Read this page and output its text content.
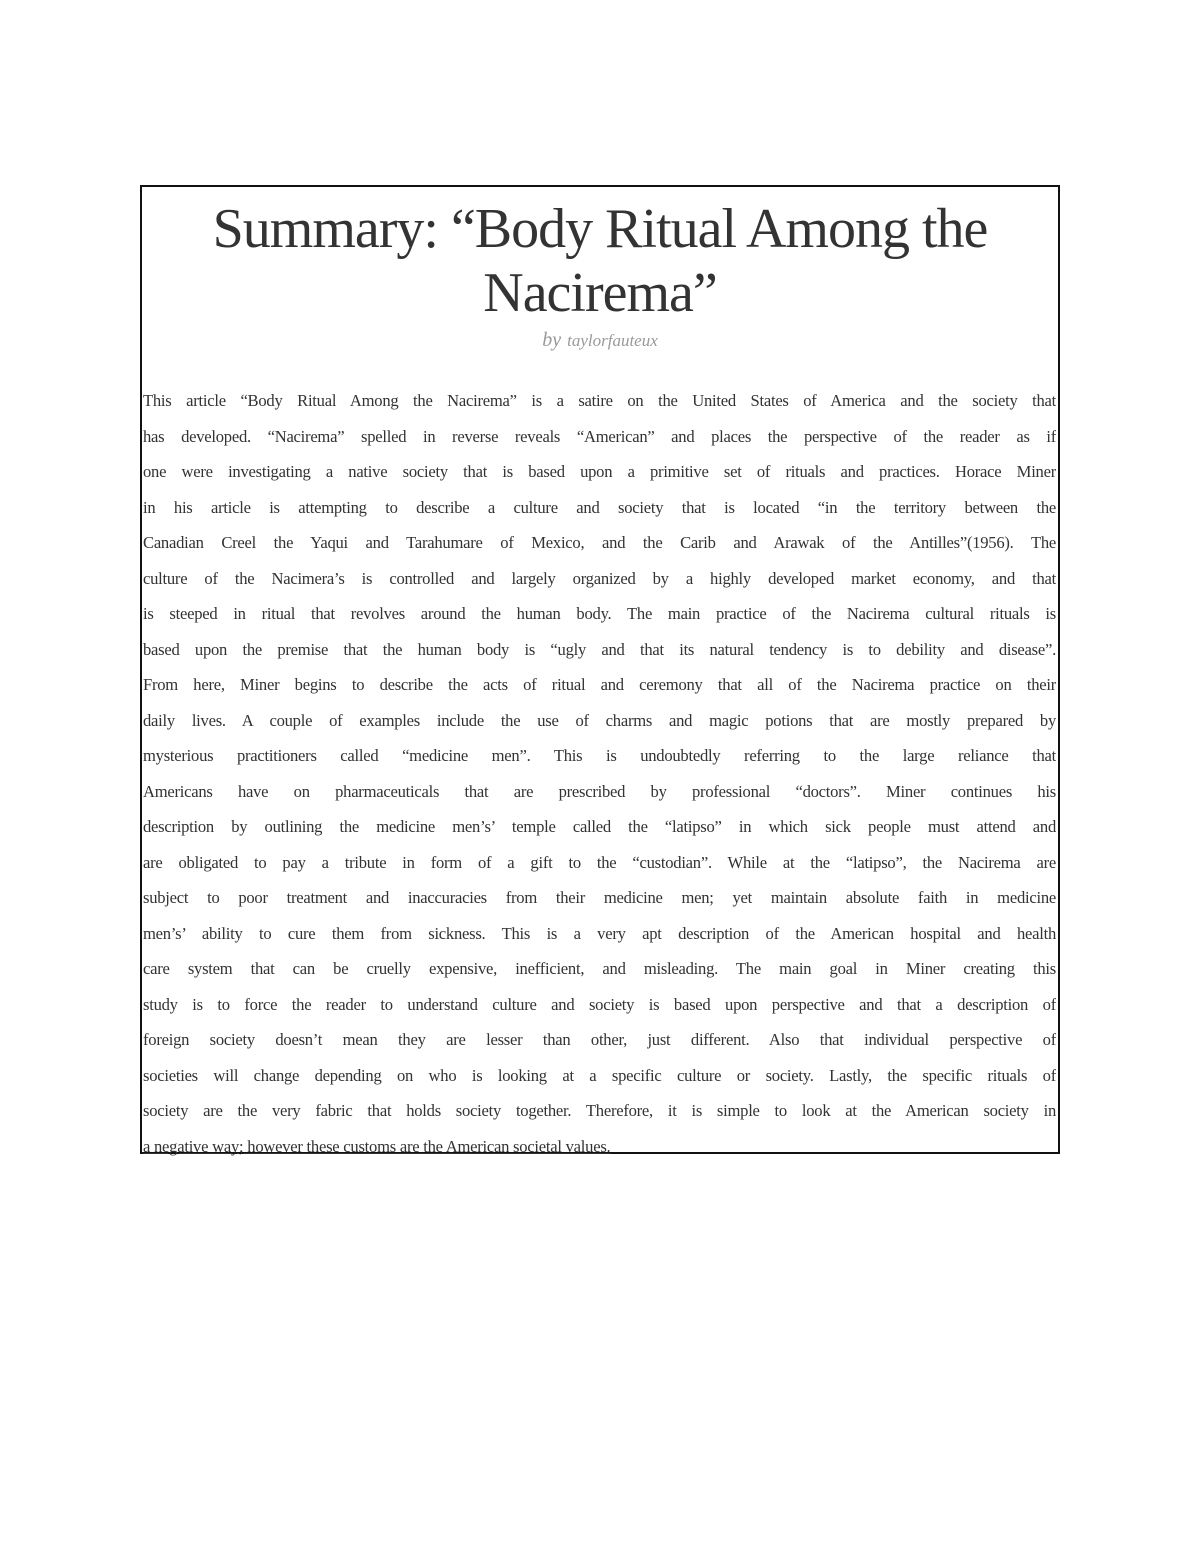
Summary: “Body Ritual Among the Nacirema”
by taylorfauteux
This article “Body Ritual Among the Nacirema” is a satire on the United States of America and the society that
has developed. “Nacirema” spelled in reverse reveals “American” and places the perspective of the reader as if
one were investigating a native society that is based upon a primitive set of rituals and practices. Horace Miner
in his article is attempting to describe a culture and society that is located “in the territory between the
Canadian Creel the Yaqui and Tarahumare of Mexico, and the Carib and Arawak of the Antilles”(1956). The
culture of the Nacimera’s is controlled and largely organized by a highly developed market economy, and that
is steeped in ritual that revolves around the human body. The main practice of the Nacirema cultural rituals is
based upon the premise that the human body is “ugly and that its natural tendency is to debility and disease”.
From here, Miner begins to describe the acts of ritual and ceremony that all of the Nacirema practice on their
daily lives. A couple of examples include the use of charms and magic potions that are mostly prepared by
mysterious practitioners called “medicine men”. This is undoubtedly referring to the large reliance that
Americans have on pharmaceuticals that are prescribed by professional “doctors”. Miner continues his
description by outlining the medicine men’s’ temple called the “latipso” in which sick people must attend and
are obligated to pay a tribute in form of a gift to the “custodian”. While at the “latipso”, the Nacirema are
subject to poor treatment and inaccuracies from their medicine men; yet maintain absolute faith in medicine
men’s’ ability to cure them from sickness. This is a very apt description of the American hospital and health
care system that can be cruelly expensive, inefficient, and misleading. The main goal in Miner creating this
study is to force the reader to understand culture and society is based upon perspective and that a description of
foreign society doesn’t mean they are lesser than other, just different. Also that individual perspective of
societies will change depending on who is looking at a specific culture or society. Lastly, the specific rituals of
society are the very fabric that holds society together. Therefore, it is simple to look at the American society in
a negative way; however these customs are the American societal values.
